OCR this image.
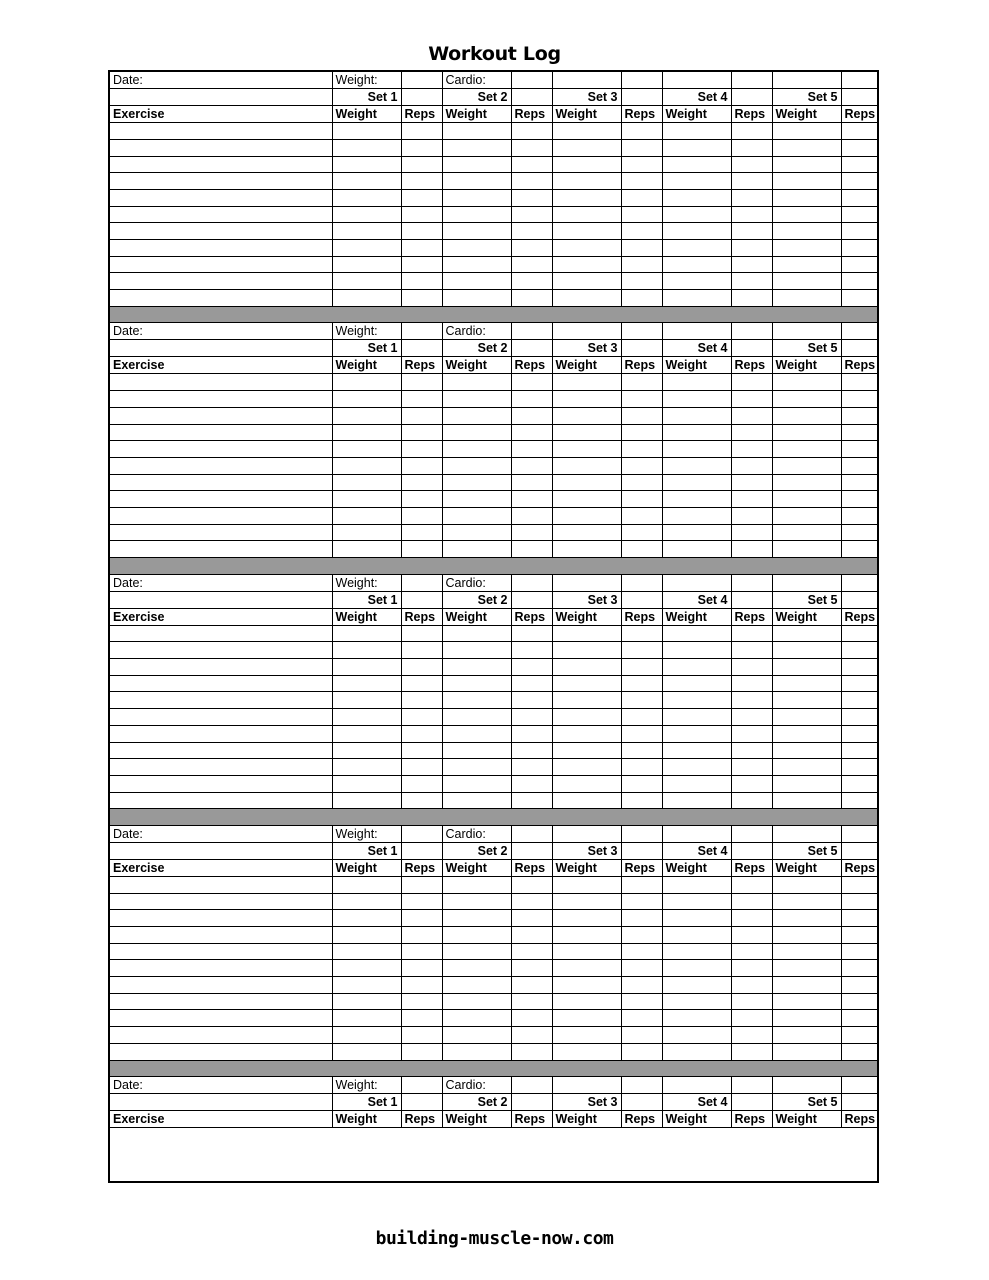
Workout Log
Date:	Weight:		Cardio:							
	Set 1		Set 2		Set 3		Set 4		Set 5	
Exercise	Weight	Reps	Weight	Reps	Weight	Reps	Weight	Reps	Weight	Reps

Date:	Weight:		Cardio:							
	Set 1		Set 2		Set 3		Set 4		Set 5	
Exercise	Weight	Reps	Weight	Reps	Weight	Reps	Weight	Reps	Weight	Reps

Date:	Weight:		Cardio:							
	Set 1		Set 2		Set 3		Set 4		Set 5	
Exercise	Weight	Reps	Weight	Reps	Weight	Reps	Weight	Reps	Weight	Reps

Date:	Weight:		Cardio:							
	Set 1		Set 2		Set 3		Set 4		Set 5	
Exercise	Weight	Reps	Weight	Reps	Weight	Reps	Weight	Reps	Weight	Reps

Date:	Weight:		Cardio:							
	Set 1		Set 2		Set 3		Set 4		Set 5	
Exercise	Weight	Reps	Weight	Reps	Weight	Reps	Weight	Reps	Weight	Reps
building-muscle-now.com
